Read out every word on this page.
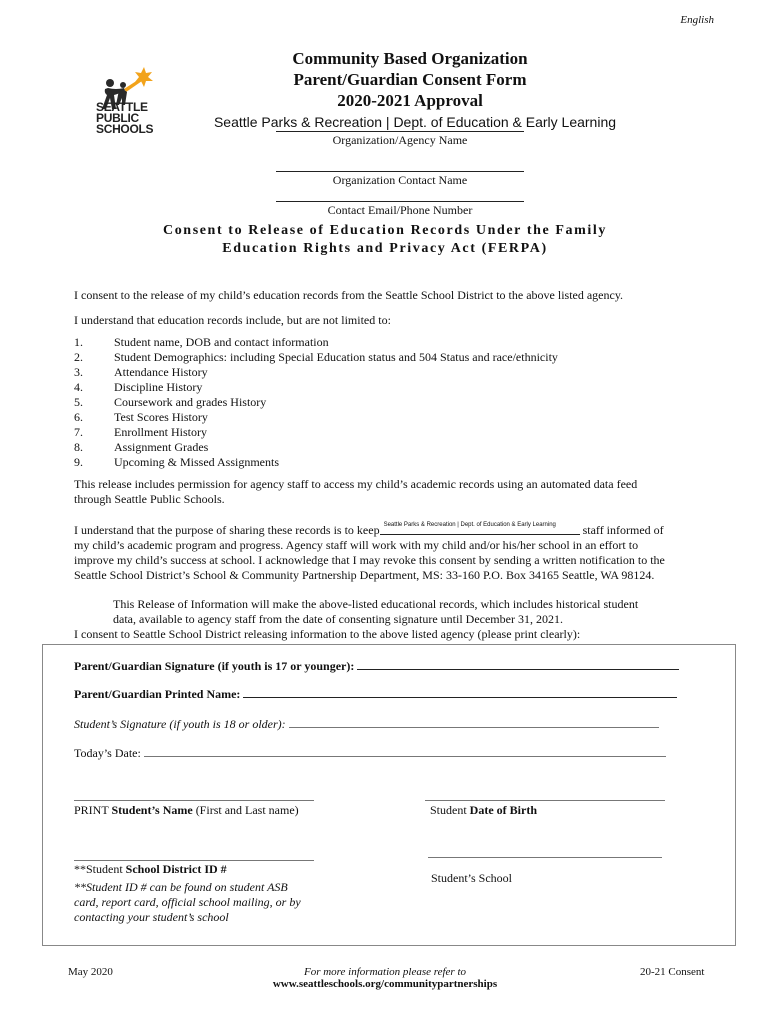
English
SEATTLE
PUBLIC
SCHOOLS
Community Based Organization
Parent/Guardian Consent Form
2020-2021 Approval
Seattle Parks & Recreation | Dept. of Education & Early Learning
Organization/Agency Name
Organization Contact Name
Contact Email/Phone Number
Consent to Release of Education Records Under the Family
Education Rights and Privacy Act (FERPA)
I consent to the release of my child’s education records from the Seattle School District to the above listed agency.
I understand that education records include, but are not limited to:
1.	Student name, DOB and contact information
2.	Student Demographics: including Special Education status and 504 Status and race/ethnicity
3.	Attendance History
4.	Discipline History
5.	Coursework and grades History
6.	Test Scores History
7.	Enrollment History
8.	Assignment Grades
9.	Upcoming & Missed Assignments
This release includes permission for agency staff to access my child’s academic records using an automated data feed
through Seattle Public Schools.
I understand that the purpose of sharing these records is to keep Seattle Parks & Recreation | Dept. of Education & Early Learning staff informed of
my child’s academic program and progress. Agency staff will work with my child and/or his/her school in an effort to
improve my child’s success at school. I acknowledge that I may revoke this consent by sending a written notification to the
Seattle School District’s School & Community Partnership Department, MS: 33-160 P.O. Box 34165 Seattle, WA 98124.
This Release of Information will make the above-listed educational records, which includes historical student
data, available to agency staff from the date of consenting signature until December 31, 2021.
I consent to Seattle School District releasing information to the above listed agency (please print clearly):
Parent/Guardian Signature (if youth is 17 or younger):
Parent/Guardian Printed Name:
Student’s Signature (if youth is 18 or older):
Today’s Date:
PRINT Student’s Name (First and Last name)	Student Date of Birth
**Student School District ID #
**Student ID # can be found on student ASB
card, report card, official school mailing, or by
contacting your student’s school
Student’s School
May 2020	For more information please refer to
www.seattleschools.org/communitypartnerships
20-21 Consent
